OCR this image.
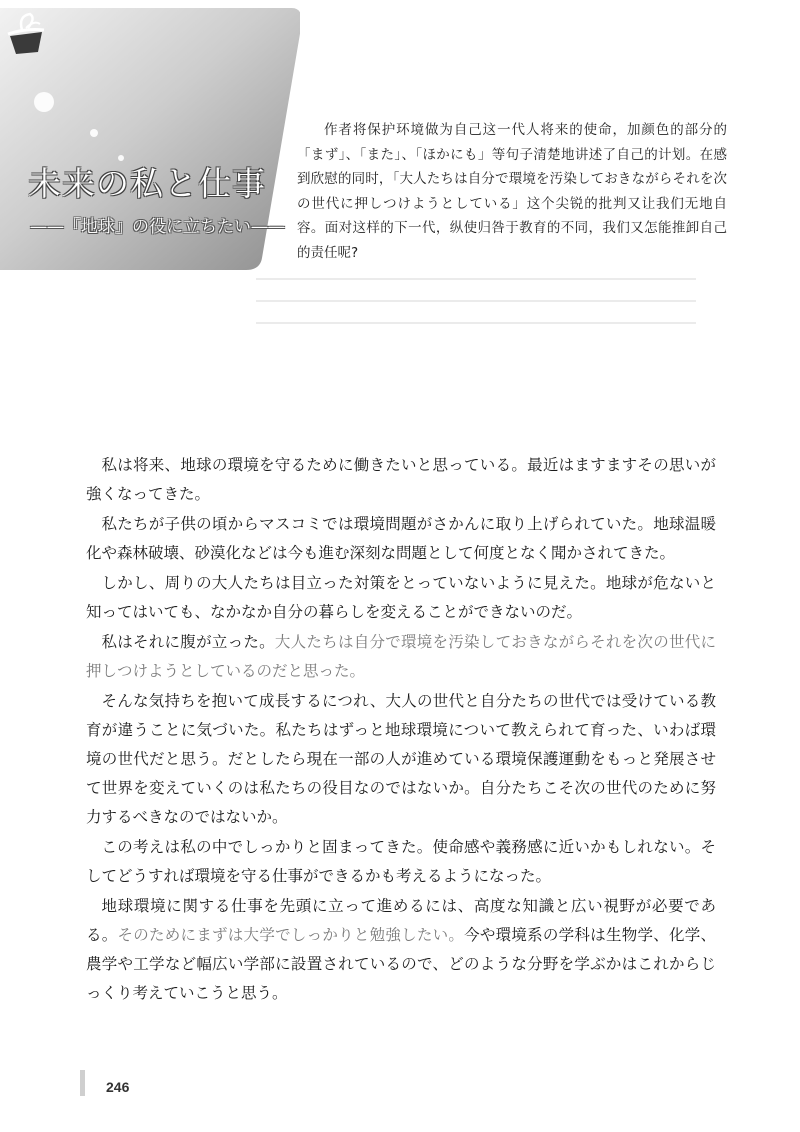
未来の私と仕事
——『地球』の役に立ちたい——
作者将保护环境做为自己这一代人将来的使命，加颜色的部分的「まず」、「また」、「ほかにも」等句子清楚地讲述了自己的计划。在感到欣慰的同时，「大人たちは自分で環境を汚染しておきながらそれを次の世代に押しつけようとしている」这个尖锐的批判又让我们无地自容。面对这样的下一代，纵使归咎于教育的不同，我们又怎能推卸自己的责任呢?

私は将来、地球の環境を守るために働きたいと思っている。最近はますますその思いが強くなってきた。

私たちが子供の頃からマスコミでは環境問題がさかんに取り上げられていた。地球温暖化や森林破壊、砂漠化などは今も進む深刻な問題として何度となく聞かされてきた。

しかし、周りの大人たちは目立った対策をとっていないように見えた。地球が危ないと知ってはいても、なかなか自分の暮らしを変えることができないのだ。

私はそれに腹が立った。大人たちは自分で環境を汚染しておきながらそれを次の世代に押しつけようとしているのだと思った。

そんな気持ちを抱いて成長するにつれ、大人の世代と自分たちの世代では受けている教育が違うことに気づいた。私たちはずっと地球環境について教えられて育った、いわば環境の世代だと思う。だとしたら現在一部の人が進めている環境保護運動をもっと発展させて世界を変えていくのは私たちの役目なのではないか。自分たちこそ次の世代のために努力するべきなのではないか。

この考えは私の中でしっかりと固まってきた。使命感や義務感に近いかもしれない。そしてどうすれば環境を守る仕事ができるかも考えるようになった。

地球環境に関する仕事を先頭に立って進めるには、高度な知識と広い視野が必要である。そのためにまずは大学でしっかりと勉強したい。今や環境系の学科は生物学、化学、農学や工学など幅広い学部に設置されているので、どのような分野を学ぶかはこれからじっくり考えていこうと思う。

246
